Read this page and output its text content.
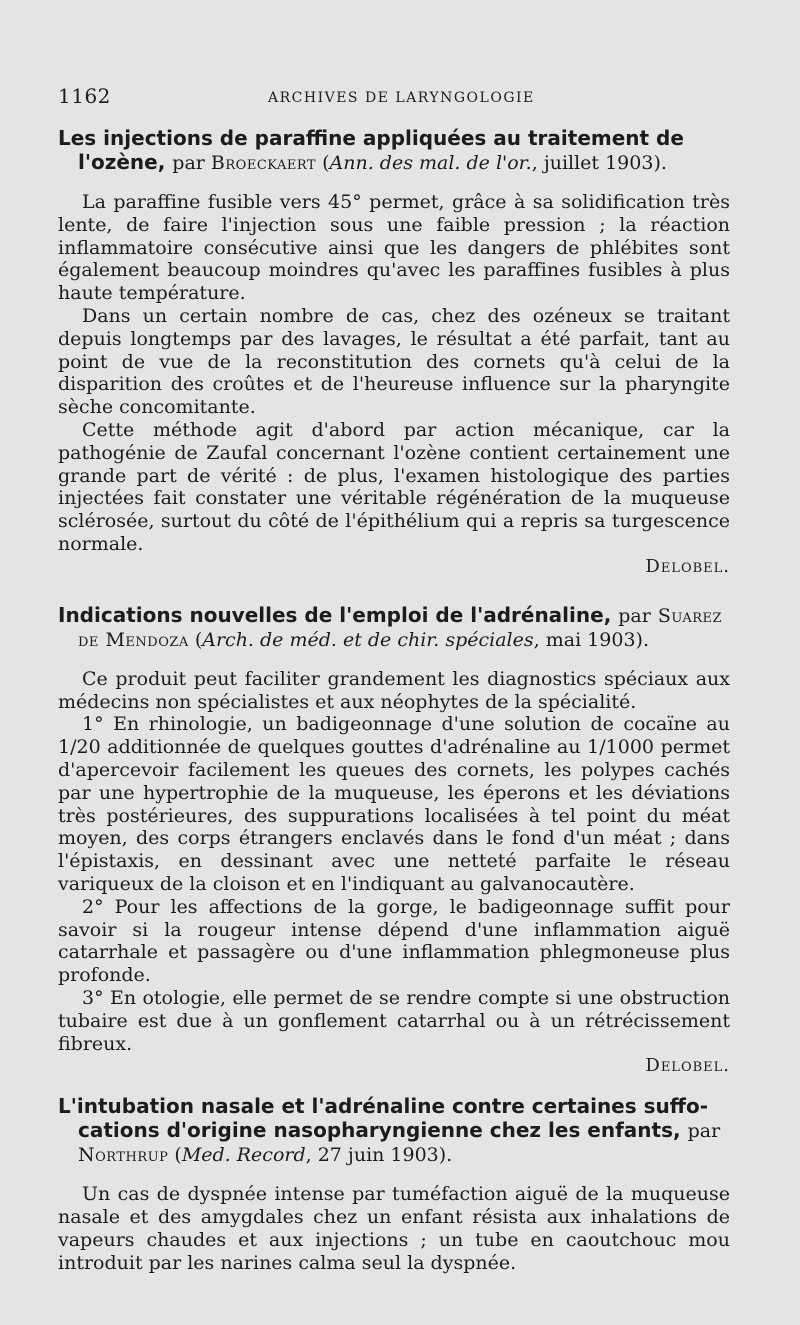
1162	ARCHIVES DE LARYNGOLOGIE
Les injections de paraffine appliquées au traitement de
l'ozène, par Broeckaert (Ann. des mal. de l'or., juillet 1903).

La paraffine fusible vers 45° permet, grâce à sa solidification très lente, de faire l'injection sous une faible pression ; la réaction inflammatoire consécutive ainsi que les dangers de phlébites sont également beaucoup moindres qu'avec les paraffines fusibles à plus haute température.

Dans un certain nombre de cas, chez des ozéneux se traitant depuis longtemps par des lavages, le résultat a été parfait, tant au point de vue de la reconstitution des cornets qu'à celui de la disparition des croûtes et de l'heureuse influence sur la pharyngite sèche concomitante.

Cette méthode agit d'abord par action mécanique, car la pathogénie de Zaufal concernant l'ozène contient certainement une grande part de vérité : de plus, l'examen histologique des parties injectées fait constater une véritable régénération de la muqueuse sclérosée, surtout du côté de l'épithélium qui a repris sa turgescence normale.

Delobel.

Indications nouvelles de l'emploi de l'adrénaline, par Suarez
de Mendoza (Arch. de méd. et de chir. spéciales, mai 1903).

Ce produit peut faciliter grandement les diagnostics spéciaux aux médecins non spécialistes et aux néophytes de la spécialité.

1° En rhinologie, un badigeonnage d'une solution de cocaïne au 1/20 additionnée de quelques gouttes d'adrénaline au 1/1000 permet d'apercevoir facilement les queues des cornets, les polypes cachés par une hypertrophie de la muqueuse, les éperons et les déviations très postérieures, des suppurations localisées à tel point du méat moyen, des corps étrangers enclavés dans le fond d'un méat ; dans l'épistaxis, en dessinant avec une netteté parfaite le réseau variqueux de la cloison et en l'indiquant au galvanocautère.

2° Pour les affections de la gorge, le badigeonnage suffit pour savoir si la rougeur intense dépend d'une inflammation aiguë catarrhale et passagère ou d'une inflammation phlegmoneuse plus profonde.

3° En otologie, elle permet de se rendre compte si une obstruction tubaire est due à un gonflement catarrhal ou à un rétrécissement fibreux.

Delobel.

L'intubation nasale et l'adrénaline contre certaines suffo-
cations d'origine nasopharyngienne chez les enfants, par
Northrup (Med. Record, 27 juin 1903).

Un cas de dyspnée intense par tuméfaction aiguë de la muqueuse nasale et des amygdales chez un enfant résista aux inhalations de vapeurs chaudes et aux injections ; un tube en caoutchouc mou introduit par les narines calma seul la dyspnée.
